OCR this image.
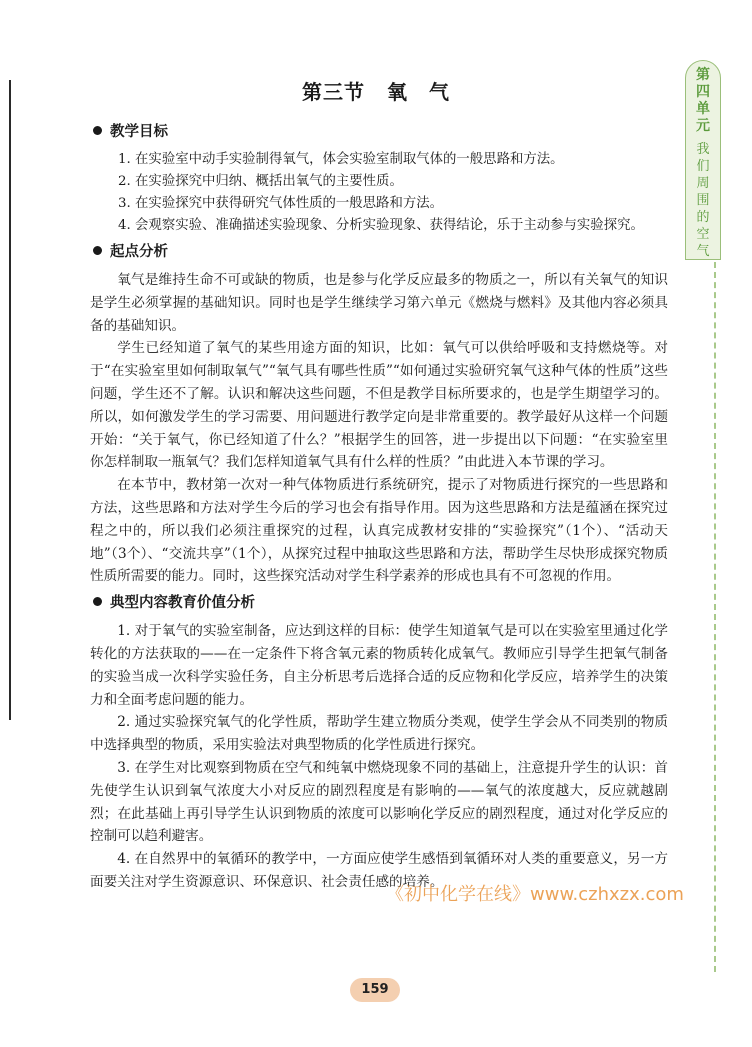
第三节 氧　气
第
四
单
元
我
们
周
围
的
空
气
教学目标

1. 在实验室中动手实验制得氧气，体会实验室制取气体的一般思路和方法。

2. 在实验探究中归纳、概括出氧气的主要性质。

3. 在实验探究中获得研究气体性质的一般思路和方法。

4. 会观察实验、准确描述实验现象、分析实验现象、获得结论，乐于主动参与实验探究。

起点分析

氧气是维持生命不可或缺的物质，也是参与化学反应最多的物质之一，所以有关氧气的知识是学生必须掌握的基础知识。同时也是学生继续学习第六单元《燃烧与燃料》及其他内容必须具备的基础知识。

学生已经知道了氧气的某些用途方面的知识，比如：氧气可以供给呼吸和支持燃烧等。对于“在实验室里如何制取氧气”“氧气具有哪些性质”“如何通过实验研究氧气这种气体的性质”这些问题，学生还不了解。认识和解决这些问题，不但是教学目标所要求的，也是学生期望学习的。所以，如何激发学生的学习需要、用问题进行教学定向是非常重要的。教学最好从这样一个问题开始：“关于氧气，你已经知道了什么？”根据学生的回答，进一步提出以下问题：“在实验室里你怎样制取一瓶氧气？我们怎样知道氧气具有什么样的性质？”由此进入本节课的学习。

在本节中，教材第一次对一种气体物质进行系统研究，提示了对物质进行探究的一些思路和方法，这些思路和方法对学生今后的学习也会有指导作用。因为这些思路和方法是蕴涵在探究过程之中的，所以我们必须注重探究的过程，认真完成教材安排的“实验探究”（1个）、“活动天地”（3个）、“交流共享”（1个），从探究过程中抽取这些思路和方法，帮助学生尽快形成探究物质性质所需要的能力。同时，这些探究活动对学生科学素养的形成也具有不可忽视的作用。

典型内容教育价值分析

1. 对于氧气的实验室制备，应达到这样的目标：使学生知道氧气是可以在实验室里通过化学转化的方法获取的——在一定条件下将含氧元素的物质转化成氧气。教师应引导学生把氧气制备的实验当成一次科学实验任务，自主分析思考后选择合适的反应物和化学反应，培养学生的决策力和全面考虑问题的能力。

2. 通过实验探究氧气的化学性质，帮助学生建立物质分类观，使学生学会从不同类别的物质中选择典型的物质，采用实验法对典型物质的化学性质进行探究。

3. 在学生对比观察到物质在空气和纯氧中燃烧现象不同的基础上，注意提升学生的认识：首先使学生认识到氧气浓度大小对反应的剧烈程度是有影响的——氧气的浓度越大，反应就越剧烈；在此基础上再引导学生认识到物质的浓度可以影响化学反应的剧烈程度，通过对化学反应的控制可以趋利避害。

4. 在自然界中的氧循环的教学中，一方面应使学生感悟到氧循环对人类的重要意义，另一方面要关注对学生资源意识、环保意识、社会责任感的培养。

《初中化学在线》www.czhxzx.com
159
